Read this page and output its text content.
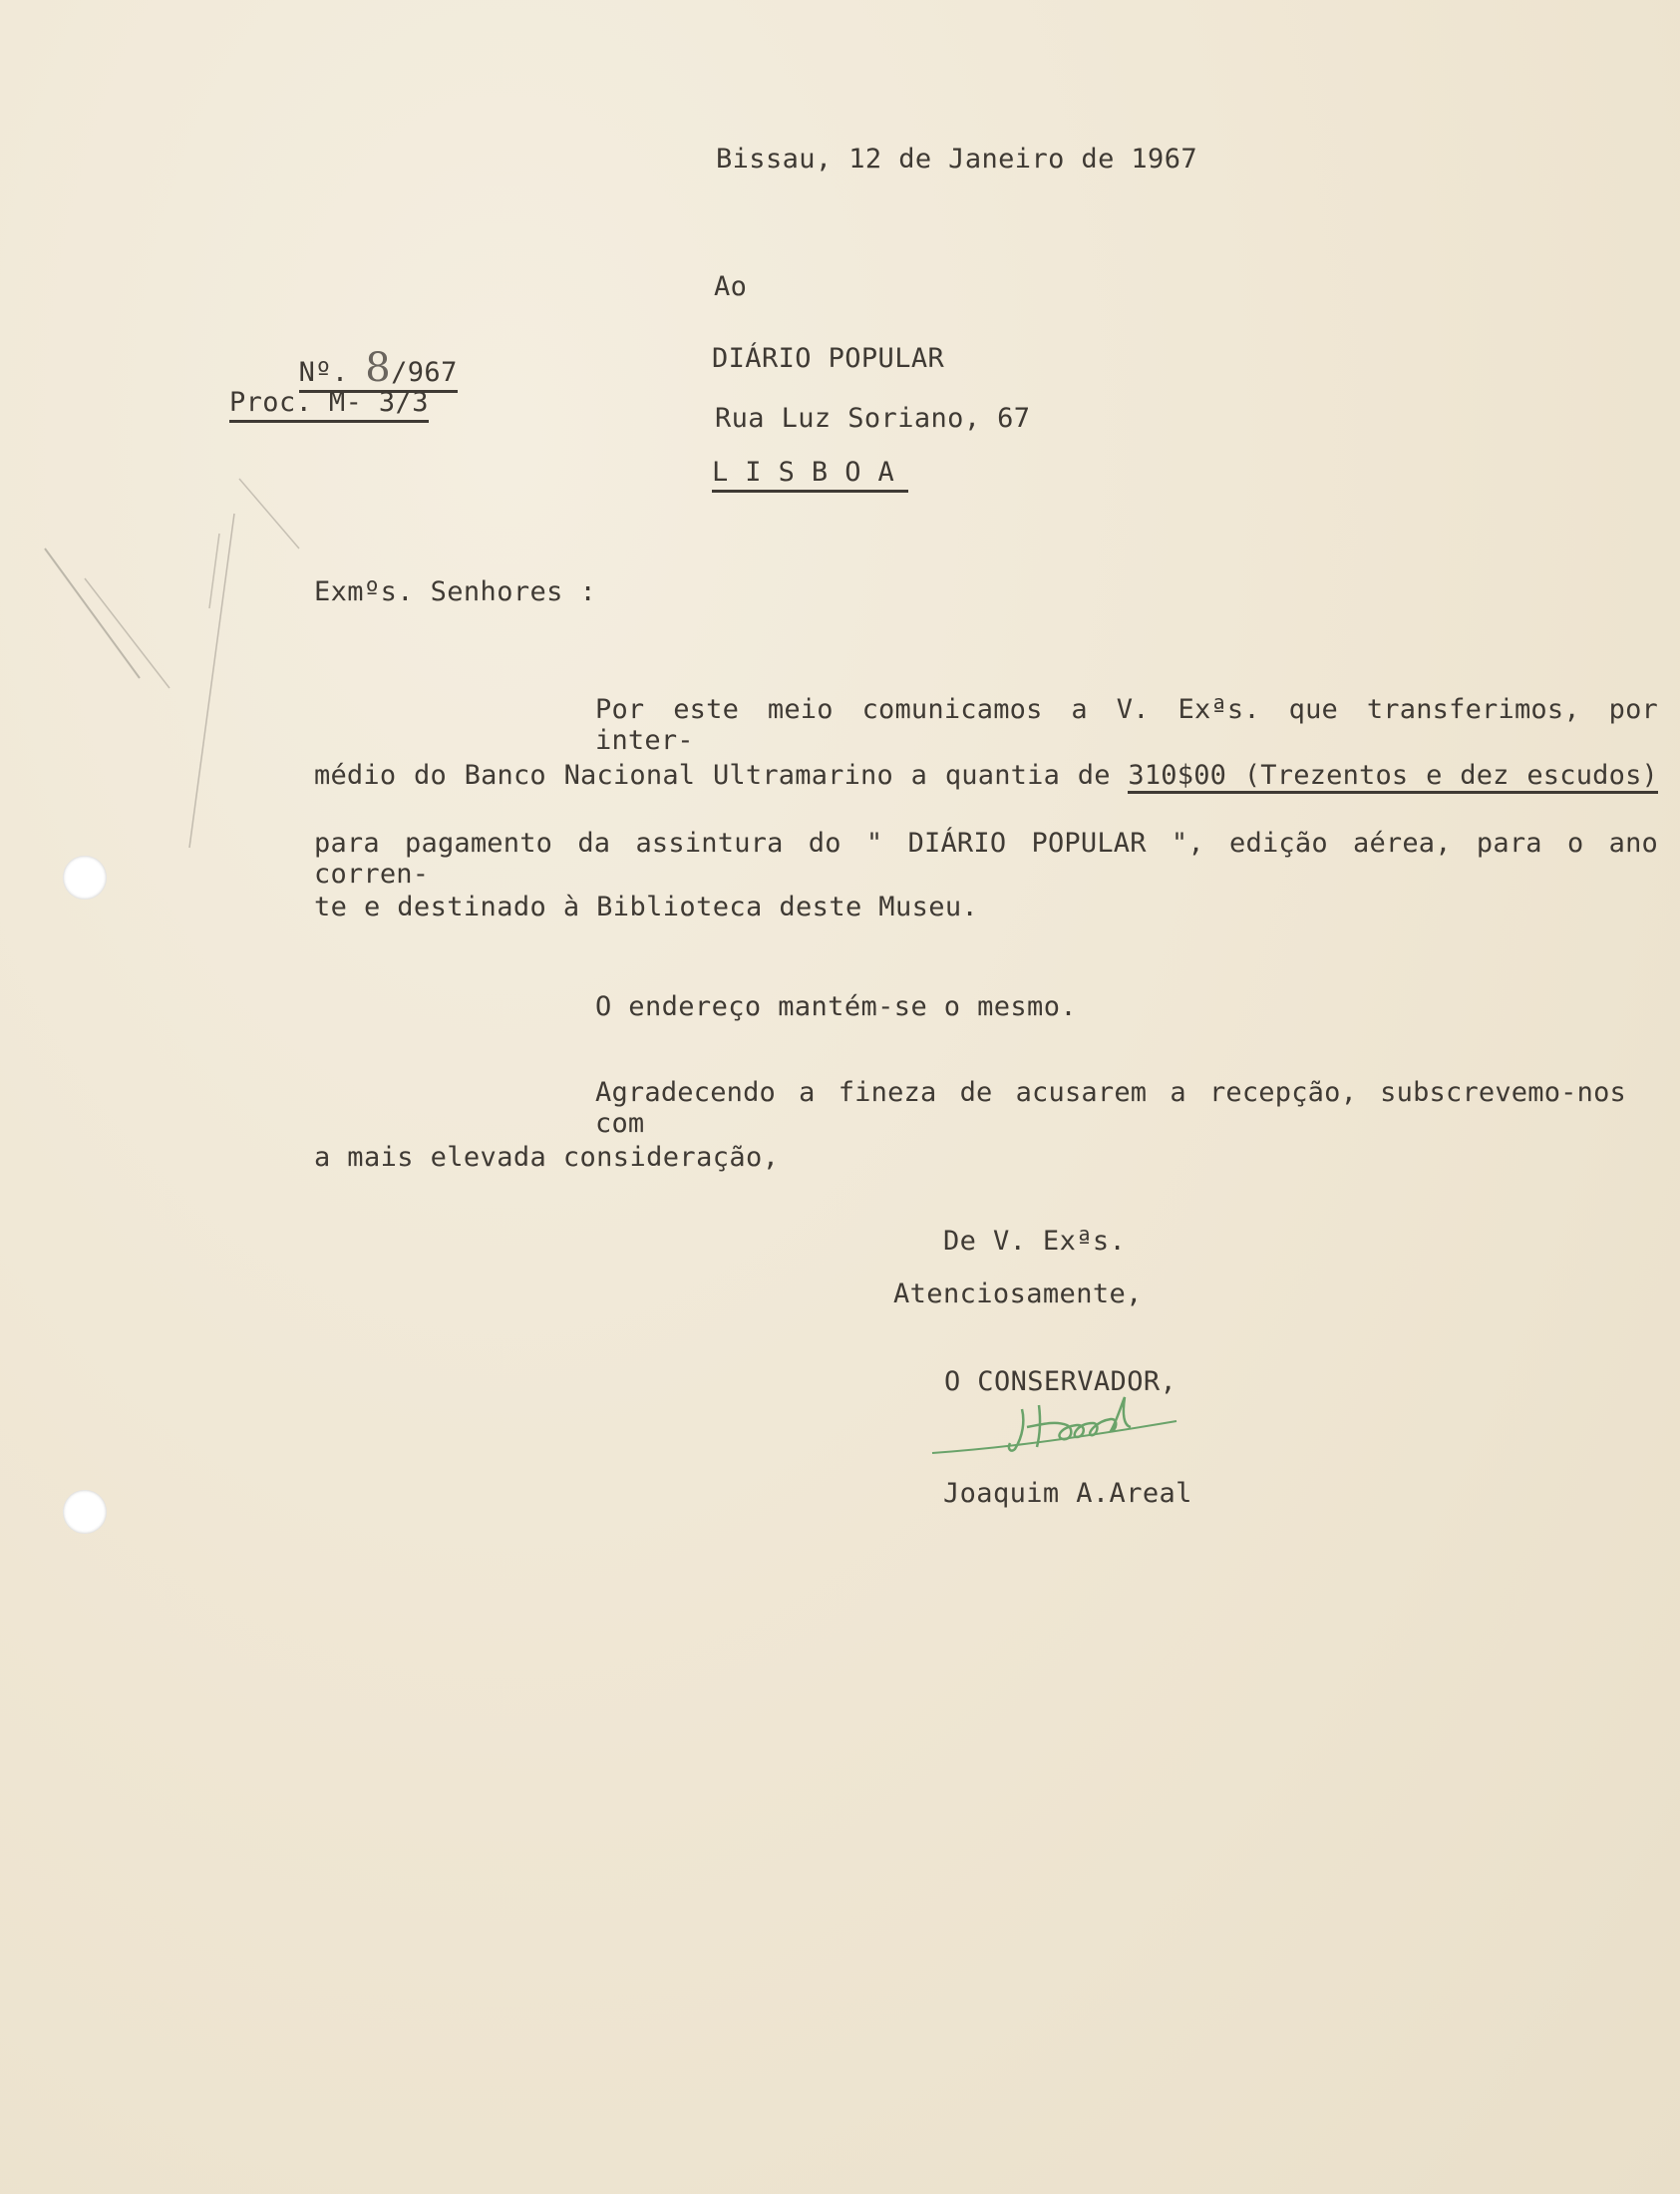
Bissau, 12 de Janeiro de 1967

Nº. 8/967

Proc. M- 3/3
Ao
DIÁRIO POPULAR
Rua Luz Soriano, 67
L I S B O A
Exmºs. Senhores :
Por este meio comunicamos a V. Exªs. que transferimos, por inter-
médio do Banco Nacional Ultramarino a quantia de 310$00 (Trezentos e dez escudos)
para pagamento da assintura do " DIÁRIO POPULAR ", edição aérea, para o ano corren-
te e destinado à Biblioteca deste Museu.
O endereço mantém-se o mesmo.
Agradecendo a fineza de acusarem a recepção, subscrevemo-nos com
a mais elevada consideração,
De V. Exªs.
Atenciosamente,
O CONSERVADOR,
Joaquim A.Areal
